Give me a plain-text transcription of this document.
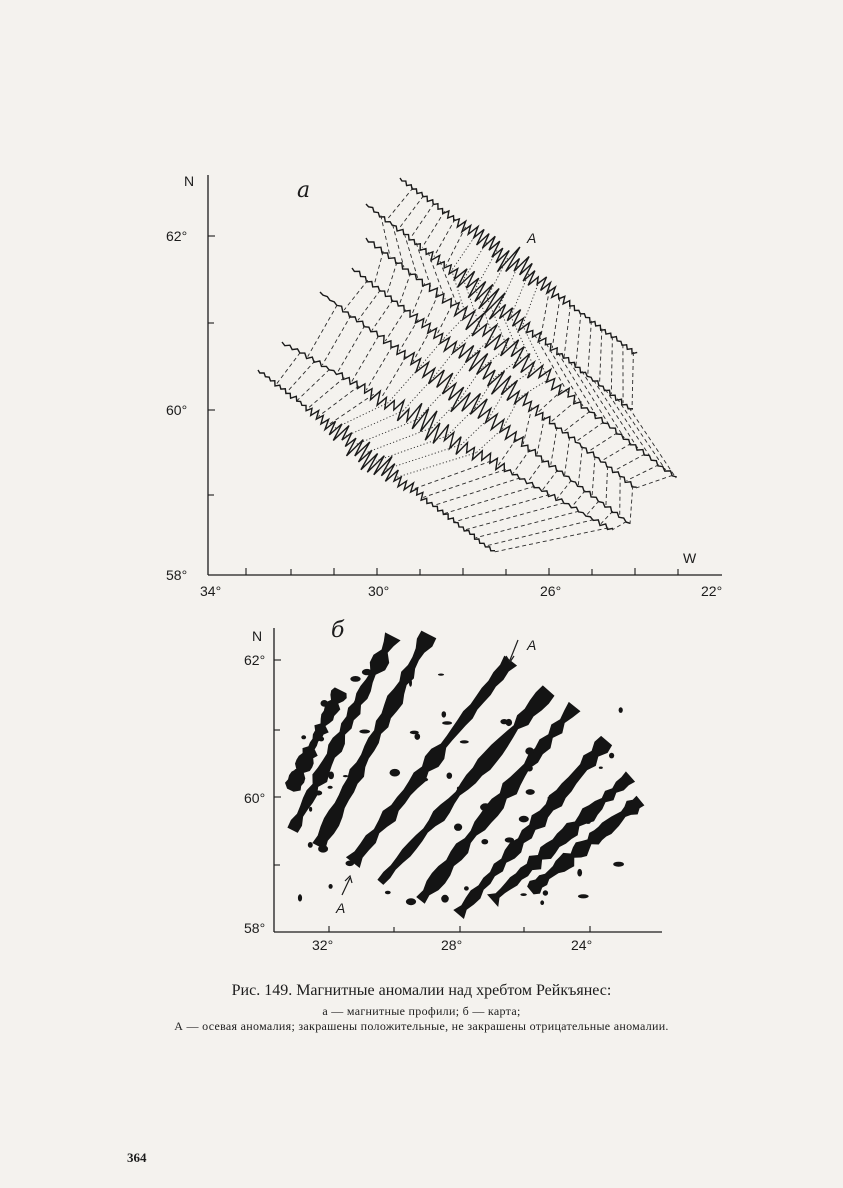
N
W
а
62°
60°
58°
34°	30°	26°	22°
A
N	б
62°
60°
58°
32°	28°	24°
A
A
Рис. 149. Магнитные аномалии над хребтом Рейкъянес:
а — магнитные профили; б — карта;
А — осевая аномалия; закрашены положительные, не закрашены отрицательные аномалии.
364
